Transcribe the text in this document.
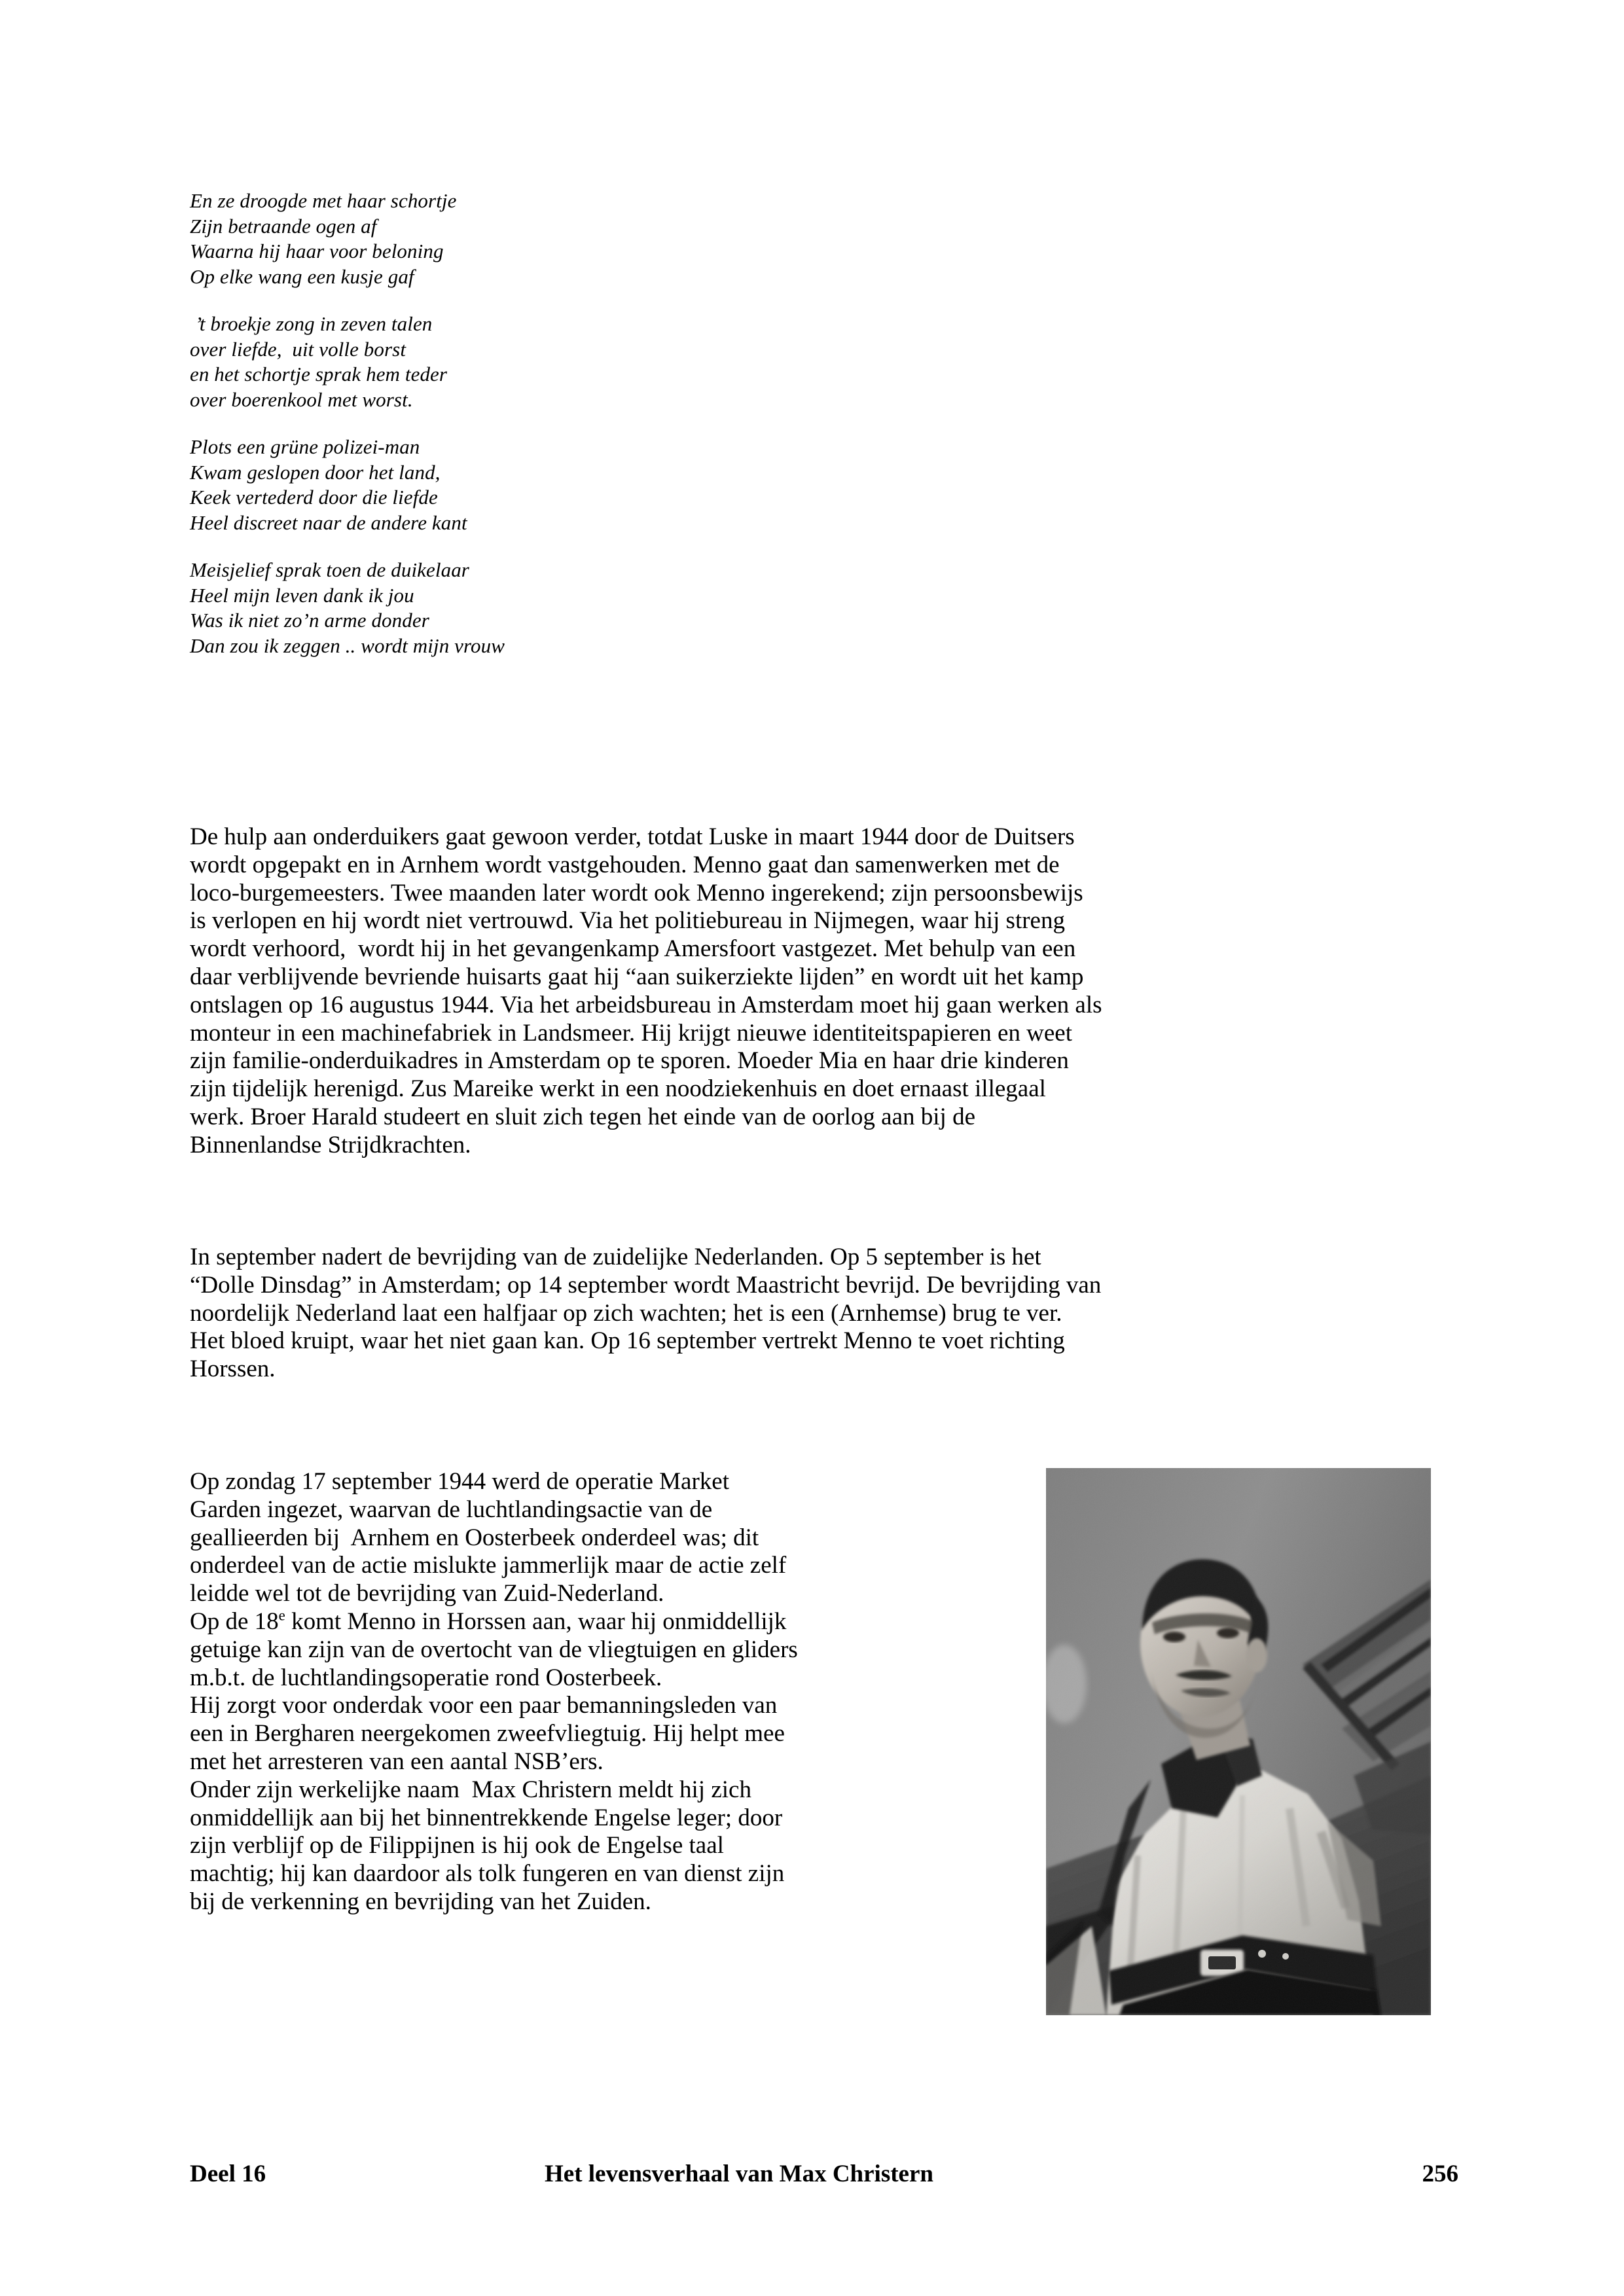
En ze droogde met haar schortje
Zijn betraande ogen af
Waarna hij haar voor beloning
Op elke wang een kusje gaf
’t broekje zong in zeven talen
over liefde,  uit volle borst
en het schortje sprak hem teder
over boerenkool met worst.
Plots een grüne polizei-man
Kwam geslopen door het land,
Keek vertederd door die liefde
Heel discreet naar de andere kant
Meisjelief sprak toen de duikelaar
Heel mijn leven dank ik jou
Was ik niet zo’n arme donder
Dan zou ik zeggen .. wordt mijn vrouw
De hulp aan onderduikers gaat gewoon verder, totdat Luske in maart 1944 door de Duitsers
wordt opgepakt en in Arnhem wordt vastgehouden. Menno gaat dan samenwerken met de
loco-burgemeesters. Twee maanden later wordt ook Menno ingerekend; zijn persoonsbewijs
is verlopen en hij wordt niet vertrouwd. Via het politiebureau in Nijmegen, waar hij streng
wordt verhoord,  wordt hij in het gevangenkamp Amersfoort vastgezet. Met behulp van een
daar verblijvende bevriende huisarts gaat hij “aan suikerziekte lijden” en wordt uit het kamp
ontslagen op 16 augustus 1944. Via het arbeidsbureau in Amsterdam moet hij gaan werken als
monteur in een machinefabriek in Landsmeer. Hij krijgt nieuwe identiteitspapieren en weet
zijn familie-onderduikadres in Amsterdam op te sporen. Moeder Mia en haar drie kinderen
zijn tijdelijk herenigd. Zus Mareike werkt in een noodziekenhuis en doet ernaast illegaal
werk. Broer Harald studeert en sluit zich tegen het einde van de oorlog aan bij de
Binnenlandse Strijdkrachten.
In september nadert de bevrijding van de zuidelijke Nederlanden. Op 5 september is het
“Dolle Dinsdag” in Amsterdam; op 14 september wordt Maastricht bevrijd. De bevrijding van
noordelijk Nederland laat een halfjaar op zich wachten; het is een (Arnhemse) brug te ver.
Het bloed kruipt, waar het niet gaan kan. Op 16 september vertrekt Menno te voet richting
Horssen.
Op zondag 17 september 1944 werd de operatie Market
Garden ingezet, waarvan de luchtlandingsactie van de
geallieerden bij  Arnhem en Oosterbeek onderdeel was; dit
onderdeel van de actie mislukte jammerlijk maar de actie zelf
leidde wel tot de bevrijding van Zuid-Nederland.
Op de 18e komt Menno in Horssen aan, waar hij onmiddellijk
getuige kan zijn van de overtocht van de vliegtuigen en gliders
m.b.t. de luchtlandingsoperatie rond Oosterbeek.
Hij zorgt voor onderdak voor een paar bemanningsleden van
een in Bergharen neergekomen zweefvliegtuig. Hij helpt mee
met het arresteren van een aantal NSB’ers.
Onder zijn werkelijke naam  Max Christern meldt hij zich
onmiddellijk aan bij het binnentrekkende Engelse leger; door
zijn verblijf op de Filippijnen is hij ook de Engelse taal
machtig; hij kan daardoor als tolk fungeren en van dienst zijn
bij de verkenning en bevrijding van het Zuiden.
Deel 16	Het levensverhaal van Max Christern	256
